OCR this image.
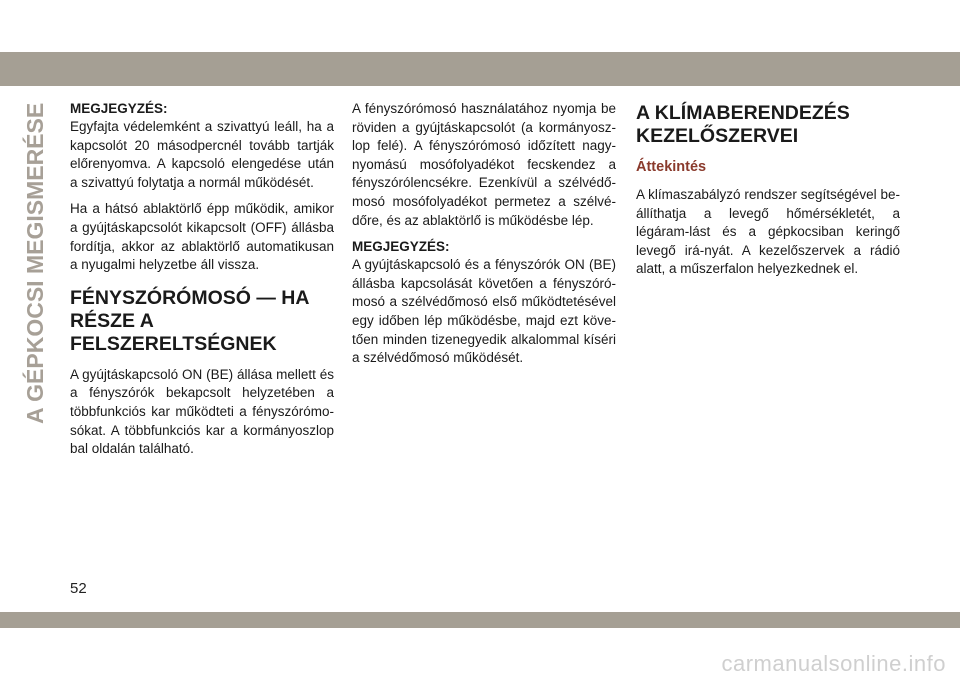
A GÉPKOCSI MEGISMERÉSE MEGJEGYZÉS:

Egyfajta védelemként a szivattyú leáll, ha a kapcsolót 20 másodpercnél tovább tartják előrenyomva. A kapcsoló elengedése után a szivattyú folytatja a normál működését.

Ha a hátsó ablaktörlő épp működik, amikor a gyújtáskapcsolót kikapcsolt (OFF) állásba fordítja, akkor az ablaktörlő automatikusan a nyugalmi helyzetbe áll vissza.

FÉNYSZÓRÓMOSÓ — HA
RÉSZE A
FELSZERELTSÉGNEK

A gyújtáskapcsoló ON (BE) állása mellett és a fényszórók bekapcsolt helyzetében a többfunkciós kar működteti a fényszórómo-sókat. A többfunkciós kar a kormányoszlop bal oldalán található.

A fényszórómosó használatához nyomja be röviden a gyújtáskapcsolót (a kormányosz-lop felé). A fényszórómosó időzített nagy-nyomású mosófolyadékot fecskendez a fényszórólencsékre. Ezenkívül a szélvédő-mosó mosófolyadékot permetez a szélvé-dőre, és az ablaktörlő is működésbe lép.

MEGJEGYZÉS:

A gyújtáskapcsoló és a fényszórók ON (BE) állásba kapcsolását követően a fényszóró-mosó a szélvédőmosó első működtetésével egy időben lép működésbe, majd ezt köve-tően minden tizenegyedik alkalommal kíséri a szélvédőmosó működését.

A KLÍMABERENDEZÉS
KEZELŐSZERVEI
Áttekintés

A klímaszabályzó rendszer segítségével be-állíthatja a levegő hőmérsékletét, a légáram-lást és a gépkocsiban keringő levegő irá-nyát. A kezelőszervek a rádió alatt, a műszerfalon helyezkednek el.

52
carmanualsonline.info
